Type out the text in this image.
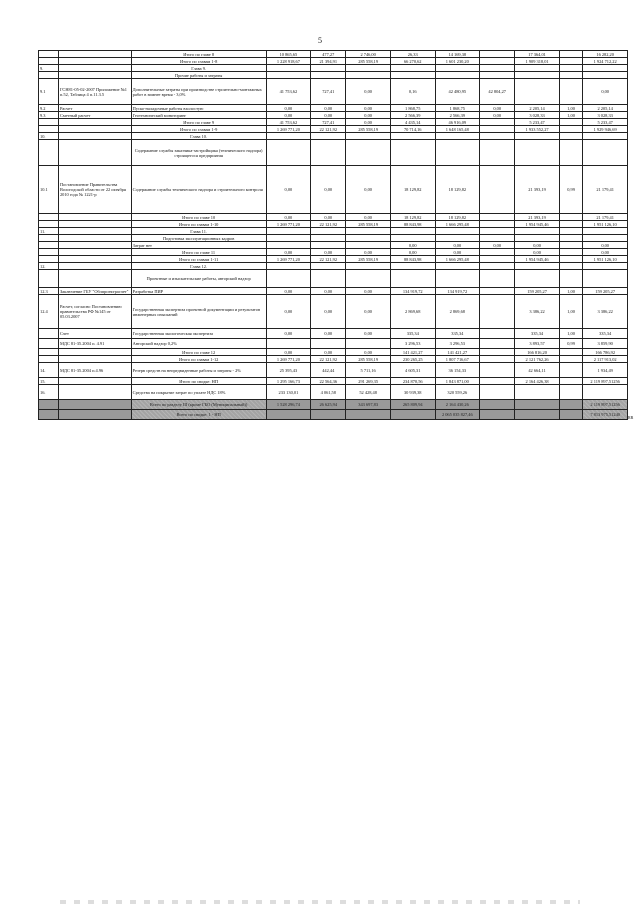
5
		Итого по главе 8	10 865,65	477,27	2 746,00	26,33	14 169,38		17 364,01		16 282,20
		Итого по главам 1-8	1 228 918,67	21 394,91	285 558,19	66 270,62	1 601 230,20		1 909 318,01		1 924 712,22
9.		Глава 9.									
		Прочие работы и затраты									
9.1	ГСН81-05-02-2007 Приложение №1 п.52, Таблица 4 п.11.3.5	Дополнительные затраты при производстве строительно-монтажных работ в зимнее время - 3,0%	41 753,62	727,41	0,00	0,16	42 480,95	42 804,27			0,00
9.2	Расчет	Пуско-наладочные работы вхолостую	0,00	0,00	0,00	1 868,75	1 868,75	0,00	2 205,14	1,00	2 205,14
9.3	Сметный расчет	Геотехнический мониторинг	0,00	0,00	0,00	2 566,39	2 566,39	0,00	3 028,33	1,00	3 028,33
		Итого по главе 9	41 753,62	727,41	0,00	4 435,14	46 916,09		5 233,47		5 233,47
		Итого по главам 1-9	1 269 771,20	22 121,92	285 558,19	70 714,16	1 648 165,48		1 933 552,27		1 929 946,69
10.		Глава 10.									
		Содержание службы заказчика-застройщика (технического надзора) строящегося предприятия									
10.1	Постановление Правительства Вологодской области от 22 октября 2010 года № 1221-р	Содержание службы технического надзора и строительного контроля	0,00	0,00	0,00	18 129,82	18 129,82		21 393,19	0,99	21 179,41
		Итого по главе 10	0,00	0,00	0,00	18 129,82	18 129,82		21 393,19		21 179,41
		Итого по главам 1-10	1 269 771,20	22 121,92	285 558,19	88 843,98	1 666 295,48		1 954 945,46		1 951 126,10
11.		Глава 11.									
		Подготовка эксплуатационных кадров									
		Затрат нет				0,00	0,00	0,00	0,00		0,00
		Итого по главе 11	0,00	0,00	0,00	0,00	0,00		0,00		0,00
		Итого по главам 1-11	1 269 771,20	22 121,92	285 558,19	88 843,98	1 666 295,48		1 954 945,46		1 951 126,10
12.		Глава 12.									
		Проектные и изыскательские работы, авторский надзор									
12.3	Заключение ГБУ "Облпроектрасчет"	Разработка ПИР	0,00	0,00	0,00	134 919,72	134 919,72		159 205,27	1,00	159 205,27
12.4	Расчет, согласно Постановлению правительства РФ №145 от 05.03.2007	Государственная экспертиза проектной документации и результатов инженерных изысканий	0,00	0,00	0,00	2 869,68	2 869,68		3 386,22	1,00	3 386,22
	Счет	Государственная экологическая экспертиза	0,00	0,00	0,00	335,34	335,34		335,34	1,00	335,34
	МДС 81-35.2004 п. 4.91	Авторский надзор 0,2%				3 296,53	3 296,53		3 893,57	0,99	3 859,90
		Итого по главе 12	0,00	0,00	0,00	141 421,27	141 421,27		166 816,20		166 786,92
		Итого по главам 1-12	1 269 771,20	22 121,92	285 558,19	230 265,25	1 807 716,67		2 121 762,26		2 117 913,02
14.	МДС 81-35.2004 п.4.96	Резерв средств на непредвиденные работы и затраты - 2%	25 395,43	442,44	5 711,16	4 605,31	36 154,33		42 664,11		1 934,49
15.		Итого по сводке: НП	1 295 166,73	22 564,36	291 269,35	234 870,56	1 843 871,00		2 164 426,38		2 119 897,51256
16.		Средства на покрытие затрат по уплате НДС 18%	233 130,01	4 061,58	52 428,48	30 939,38	320 559,26				
		Всего по разделу III (кроме ГБО (Муниципальный))	1 528 296,74	26 625,94	343 697,83	265 809,94	2 164 430,26				2 119 897,51256
		Всего по сводке: 1 - НП					2 065 035 827,46				7 813 975,51240
RR
